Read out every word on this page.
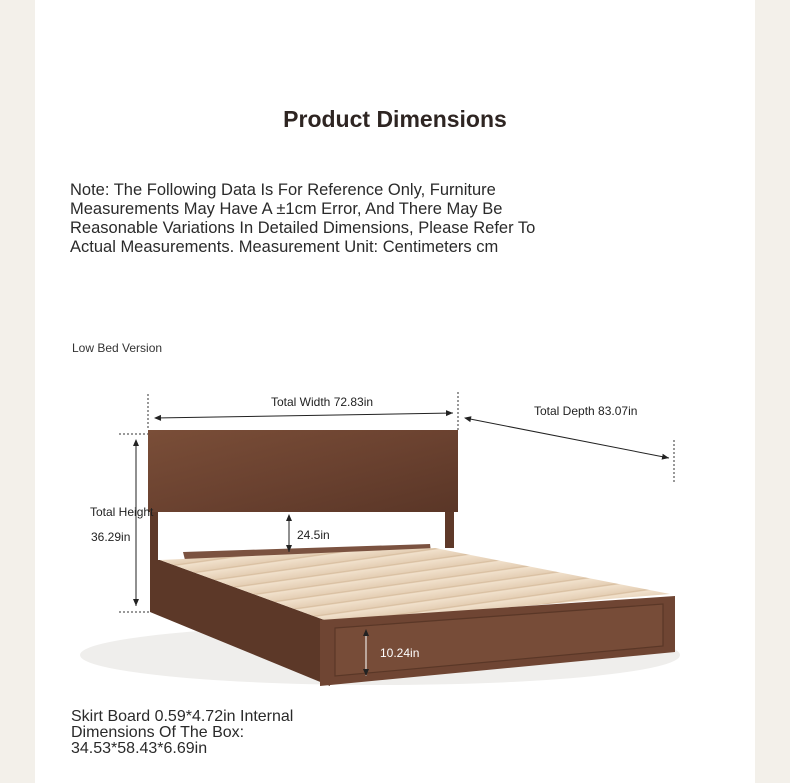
Product Dimensions
Note: The Following Data Is For Reference Only, Furniture Measurements May Have A ±1cm Error, And There May Be Reasonable Variations In Detailed Dimensions, Please Refer To Actual Measurements. Measurement Unit: Centimeters cm
Low Bed Version
Total Width 72.83in
Total Depth 83.07in
Total Height
36.29in	24.5in
10.24in
Skirt Board 0.59*4.72in Internal Dimensions Of The Box: 34.53*58.43*6.69in
